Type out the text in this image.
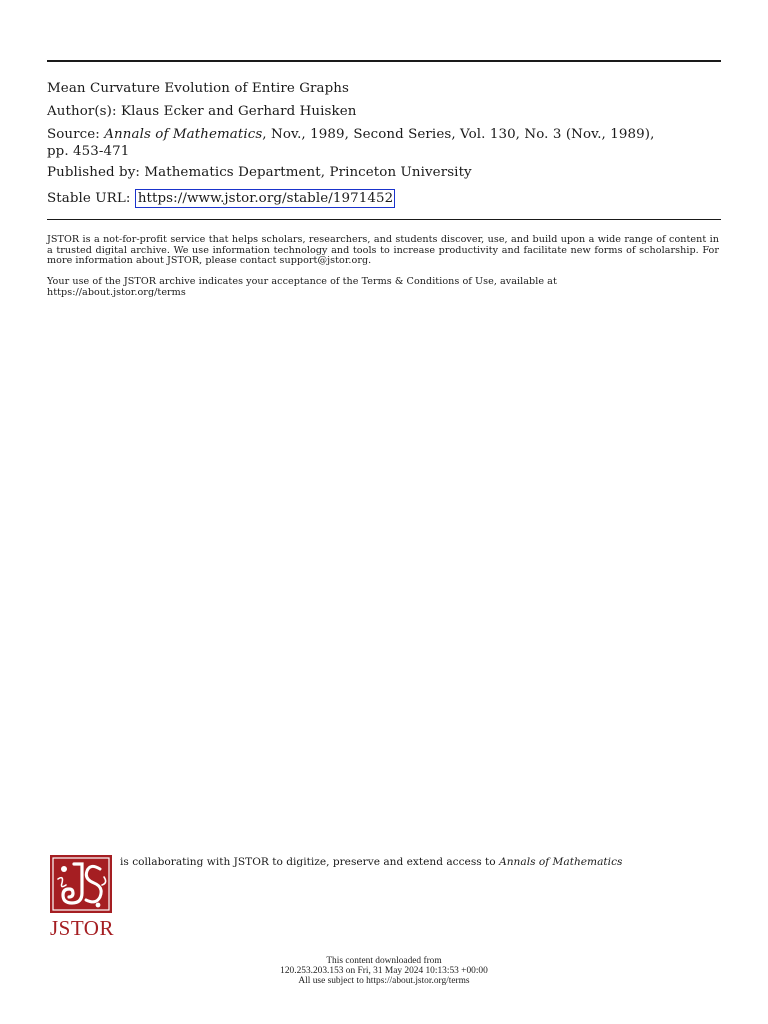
Mean Curvature Evolution of Entire Graphs
Author(s): Klaus Ecker and Gerhard Huisken
Source: Annals of Mathematics, Nov., 1989, Second Series, Vol. 130, No. 3 (Nov., 1989),
pp. 453-471
Published by: Mathematics Department, Princeton University
Stable URL: https://www.jstor.org/stable/1971452
JSTOR is a not-for-profit service that helps scholars, researchers, and students discover, use, and build upon a wide range of content in a trusted digital archive. We use information technology and tools to increase productivity and facilitate new forms of scholarship. For more information about JSTOR, please contact support@jstor.org.
Your use of the JSTOR archive indicates your acceptance of the Terms & Conditions of Use, available at
https://about.jstor.org/terms
JSTOR
is collaborating with JSTOR to digitize, preserve and extend access to Annals of Mathematics
This content downloaded from
120.253.203.153 on Fri, 31 May 2024 10:13:53 +00:00
All use subject to https://about.jstor.org/terms
